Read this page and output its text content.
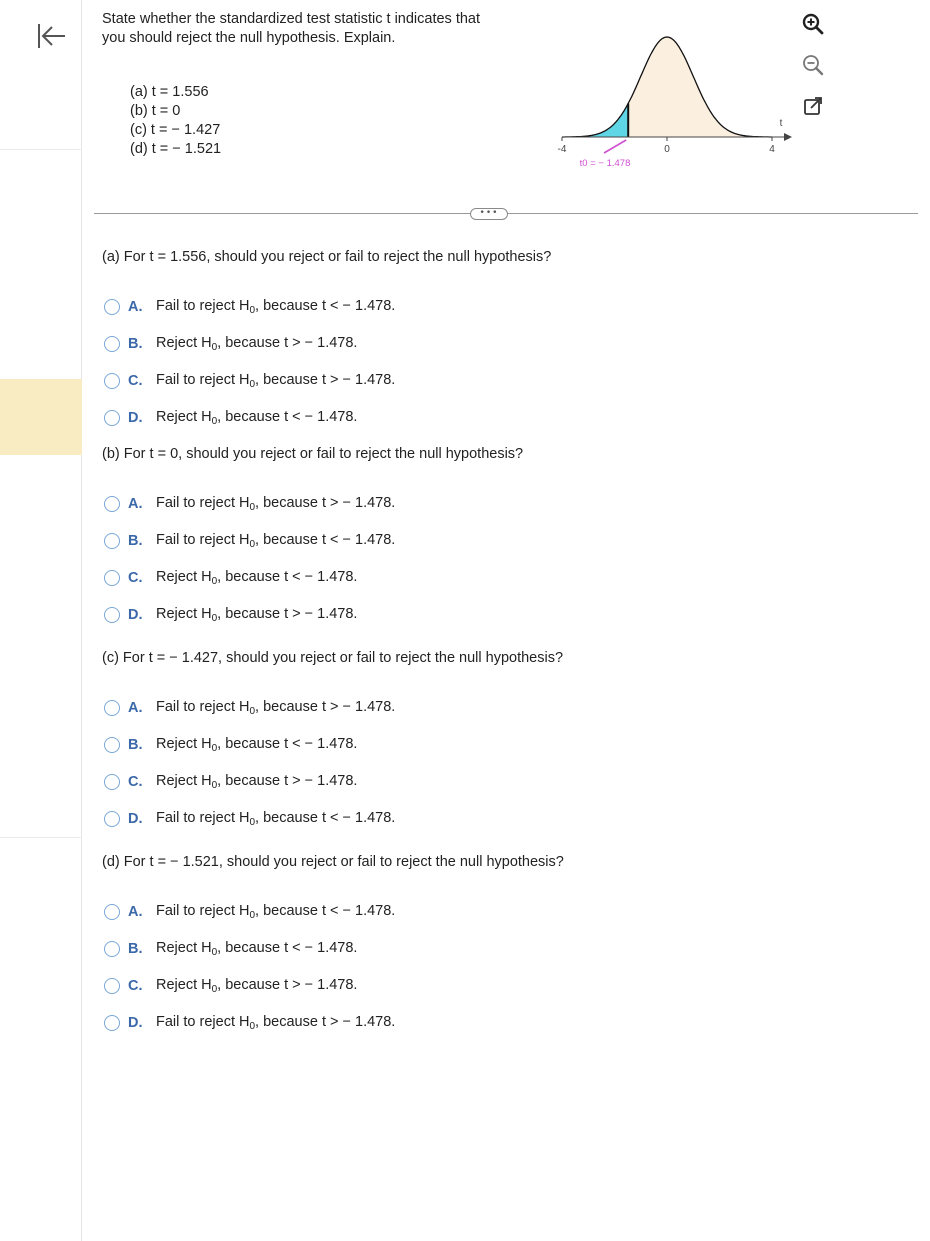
State whether the standardized test statistic t indicates that you should reject the null hypothesis. Explain.
(a) t = 1.556
(b) t = 0
(c) t = − 1.427
(d) t = − 1.521	-4	0	4
t
t0 = − 1.478
•••
(a) For t = 1.556, should you reject or fail to reject the null hypothesis?
A. Fail to reject $H_0$, because t < − 1.478.
B. Reject $H_0$, because t > − 1.478.
C. Fail to reject $H_0$, because t > − 1.478.
D. Reject $H_0$, because t < − 1.478.
(b) For t = 0, should you reject or fail to reject the null hypothesis?
A. Fail to reject $H_0$, because t > − 1.478.
B. Fail to reject $H_0$, because t < − 1.478.
C. Reject $H_0$, because t < − 1.478.
D. Reject $H_0$, because t > − 1.478.
(c) For t = − 1.427, should you reject or fail to reject the null hypothesis?
A. Fail to reject $H_0$, because t > − 1.478.
B. Reject $H_0$, because t < − 1.478.
C. Reject $H_0$, because t > − 1.478.
D. Fail to reject $H_0$, because t < − 1.478.
(d) For t = − 1.521, should you reject or fail to reject the null hypothesis?
A. Fail to reject $H_0$, because t < − 1.478.
B. Reject $H_0$, because t < − 1.478.
C. Reject $H_0$, because t > − 1.478.
D. Fail to reject $H_0$, because t > − 1.478.
